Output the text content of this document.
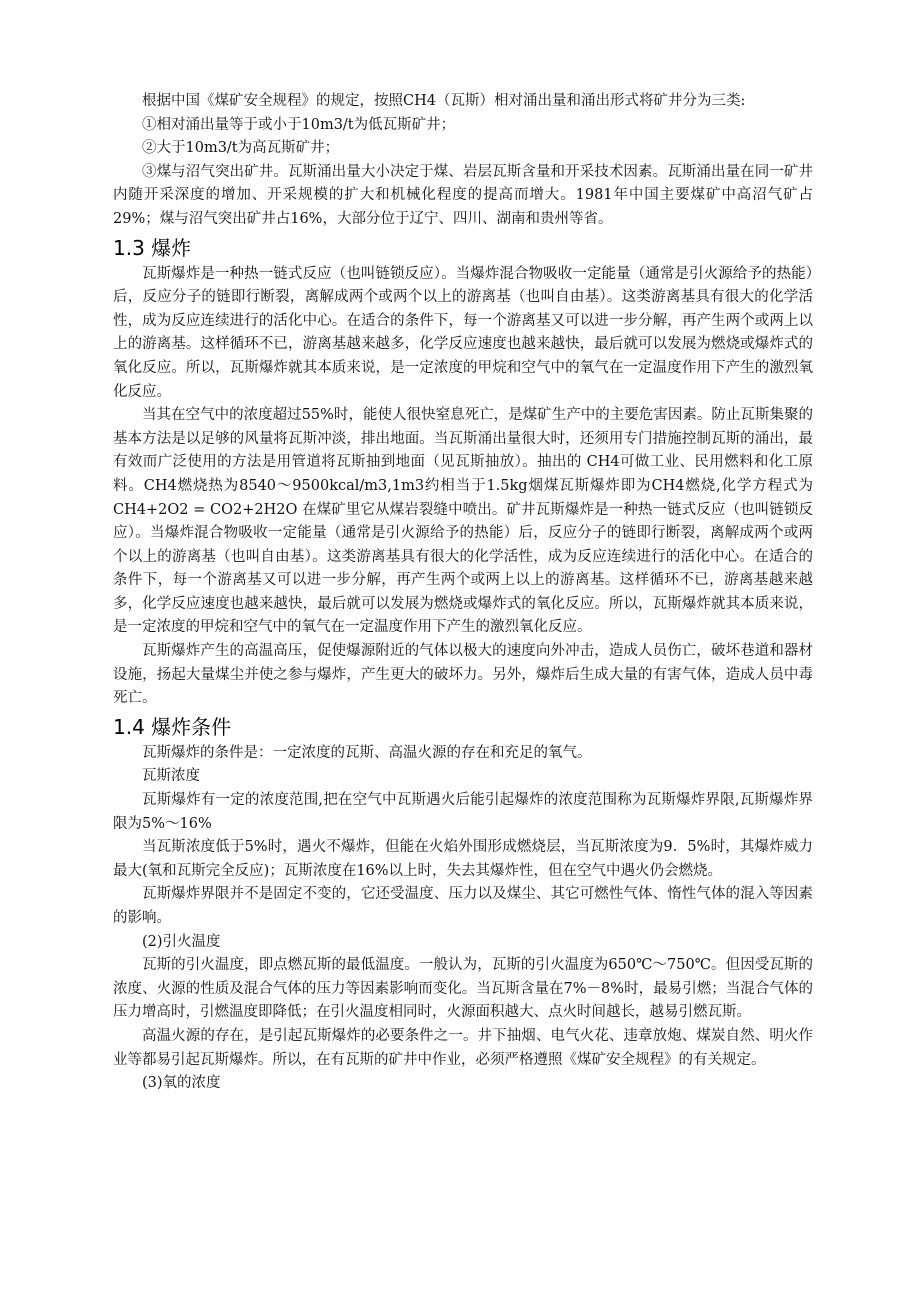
根据中国《煤矿安全规程》的规定，按照CH4（瓦斯）相对涌出量和涌出形式将矿井分为三类:

①相对涌出量等于或小于10m3/t为低瓦斯矿井；

②大于10m3/t为高瓦斯矿井；

③煤与沼气突出矿井。瓦斯涌出量大小决定于煤、岩层瓦斯含量和开采技术因素。瓦斯涌出量在同一矿井内随开采深度的增加、开采规模的扩大和机械化程度的提高而增大。1981年中国主要煤矿中高沼气矿占29%；煤与沼气突出矿井占16%，大部分位于辽宁、四川、湖南和贵州等省。

1.3 爆炸

瓦斯爆炸是一种热一链式反应（也叫链锁反应）。当爆炸混合物吸收一定能量（通常是引火源给予的热能）后，反应分子的链即行断裂，离解成两个或两个以上的游离基（也叫自由基）。这类游离基具有很大的化学活性，成为反应连续进行的活化中心。在适合的条件下，每一个游离基又可以进一步分解，再产生两个或两上以上的游离基。这样循环不已，游离基越来越多，化学反应速度也越来越快，最后就可以发展为燃烧或爆炸式的氧化反应。所以，瓦斯爆炸就其本质来说，是一定浓度的甲烷和空气中的氧气在一定温度作用下产生的激烈氧化反应。

当其在空气中的浓度超过55%时，能使人很快窒息死亡，是煤矿生产中的主要危害因素。防止瓦斯集聚的基本方法是以足够的风量将瓦斯冲淡，排出地面。当瓦斯涌出量很大时，还须用专门措施控制瓦斯的涌出，最有效而广泛使用的方法是用管道将瓦斯抽到地面（见瓦斯抽放）。抽出的 CH4可做工业、民用燃料和化工原料。CH4燃烧热为8540～9500kcal/m3,1m3约相当于1.5kg烟煤瓦斯爆炸即为CH4燃烧,化学方程式为CH4+2O2 = CO2+2H2O 在煤矿里它从煤岩裂缝中喷出。矿井瓦斯爆炸是一种热一链式反应（也叫链锁反应）。当爆炸混合物吸收一定能量（通常是引火源给予的热能）后，反应分子的链即行断裂，离解成两个或两个以上的游离基（也叫自由基）。这类游离基具有很大的化学活性，成为反应连续进行的活化中心。在适合的条件下，每一个游离基又可以进一步分解，再产生两个或两上以上的游离基。这样循环不已，游离基越来越多，化学反应速度也越来越快，最后就可以发展为燃烧或爆炸式的氧化反应。所以，瓦斯爆炸就其本质来说，是一定浓度的甲烷和空气中的氧气在一定温度作用下产生的激烈氧化反应。

瓦斯爆炸产生的高温高压，促使爆源附近的气体以极大的速度向外冲击，造成人员伤亡，破坏巷道和器材设施，扬起大量煤尘并使之参与爆炸，产生更大的破坏力。另外，爆炸后生成大量的有害气体，造成人员中毒死亡。

1.4 爆炸条件

瓦斯爆炸的条件是：一定浓度的瓦斯、高温火源的存在和充足的氧气。

瓦斯浓度

瓦斯爆炸有一定的浓度范围,把在空气中瓦斯遇火后能引起爆炸的浓度范围称为瓦斯爆炸界限,瓦斯爆炸界限为5%～16%

当瓦斯浓度低于5%时，遇火不爆炸，但能在火焰外围形成燃烧层，当瓦斯浓度为9．5%时，其爆炸威力最大(氧和瓦斯完全反应)；瓦斯浓度在16%以上时，失去其爆炸性，但在空气中遇火仍会燃烧。

瓦斯爆炸界限并不是固定不变的，它还受温度、压力以及煤尘、其它可燃性气体、惰性气体的混入等因素的影响。

(2)引火温度

瓦斯的引火温度，即点燃瓦斯的最低温度。一般认为，瓦斯的引火温度为650℃～750℃。但因受瓦斯的浓度、火源的性质及混合气体的压力等因素影响而变化。当瓦斯含量在7%－8%时，最易引燃；当混合气体的压力增高时，引燃温度即降低；在引火温度相同时，火源面积越大、点火时间越长，越易引燃瓦斯。

高温火源的存在，是引起瓦斯爆炸的必要条件之一。井下抽烟、电气火花、违章放炮、煤炭自然、明火作业等都易引起瓦斯爆炸。所以，在有瓦斯的矿井中作业，必须严格遵照《煤矿安全规程》的有关规定。

(3)氧的浓度
